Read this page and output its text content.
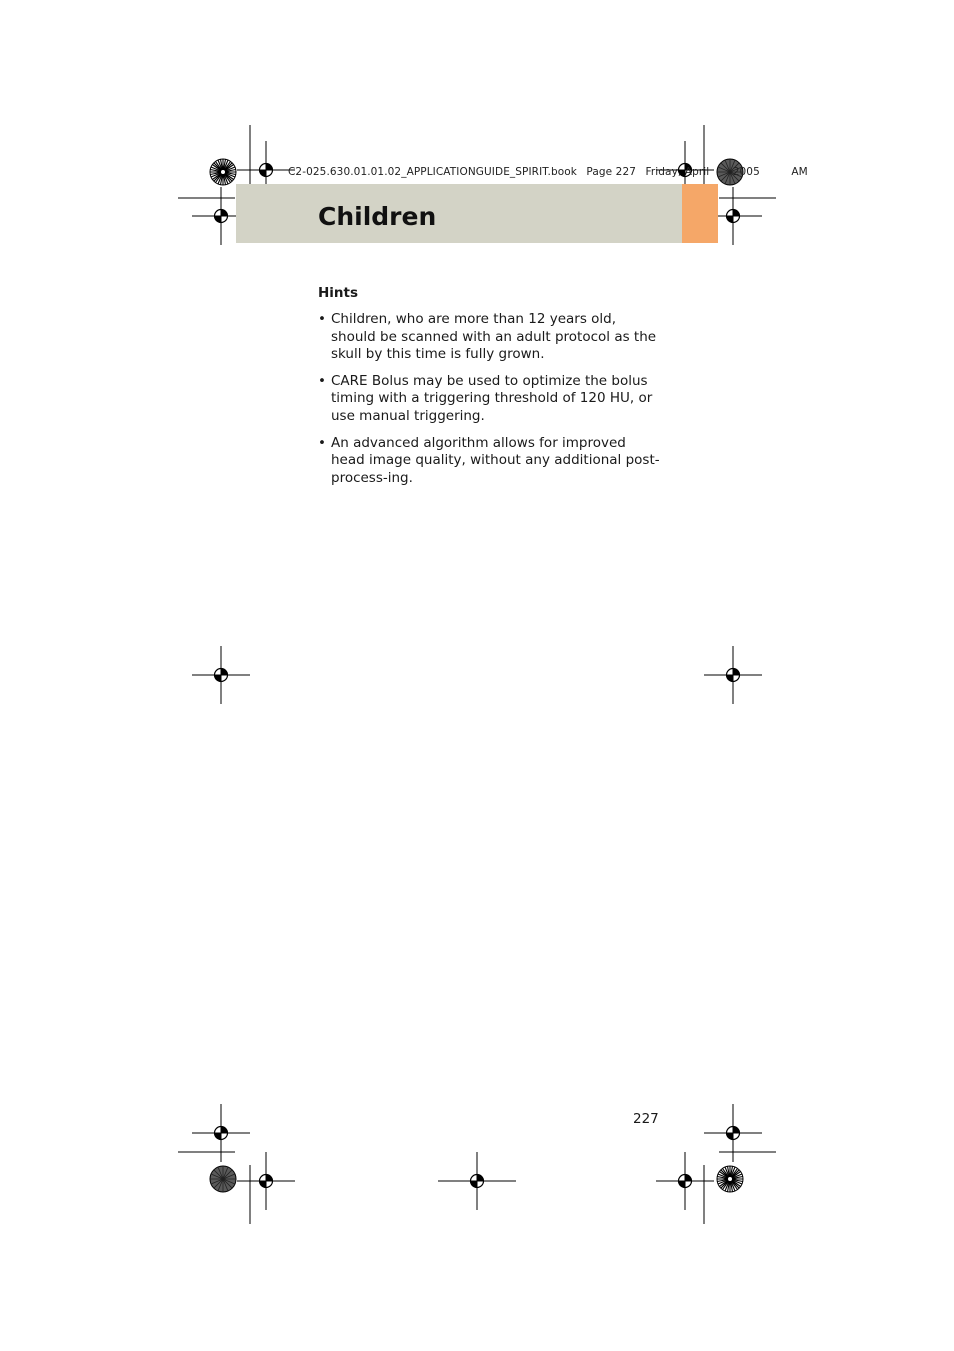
C2-025.630.01.01.02_APPLICATIONGUIDE_SPIRIT.book Page 227 Friday, April 2005	AM
Children
Hints
• Children, who are more than 12 years old, should be scanned with an adult protocol as the skull by this time is fully grown.
• CARE Bolus may be used to optimize the bolus timing with a triggering threshold of 120 HU, or use manual triggering.
• An advanced algorithm allows for improved head image quality, without any additional post-process-ing.
227
